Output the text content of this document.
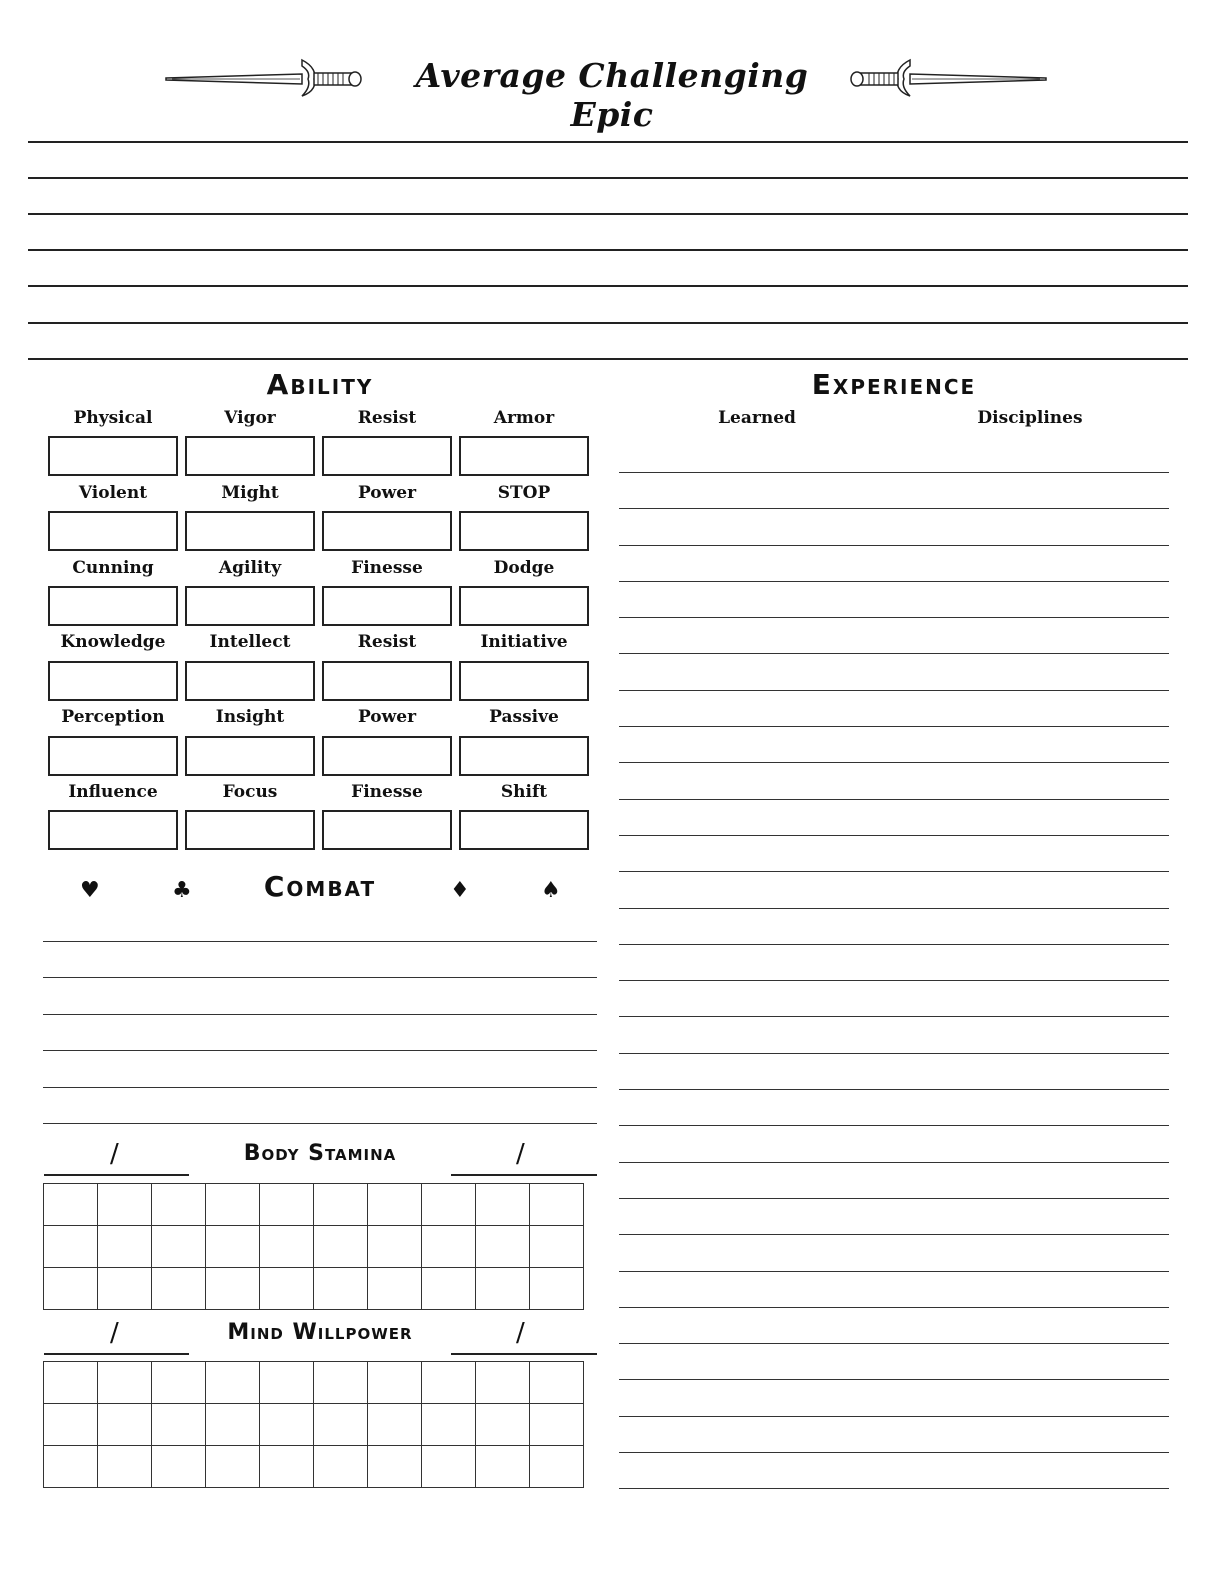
Average Challenging Epic
Ability
Physical	Vigor	Resist	Armor
Violent	Might	Power	STOP
Cunning	Agility	Finesse	Dodge
Knowledge	Intellect	Resist	Initiative
Perception	Insight	Power	Passive
Influence	Focus	Finesse	Shift
Experience
Learned	Disciplines
♥	♣	Combat	♦	♠
/	Body Stamina	/

/	Mind Willpower	/
